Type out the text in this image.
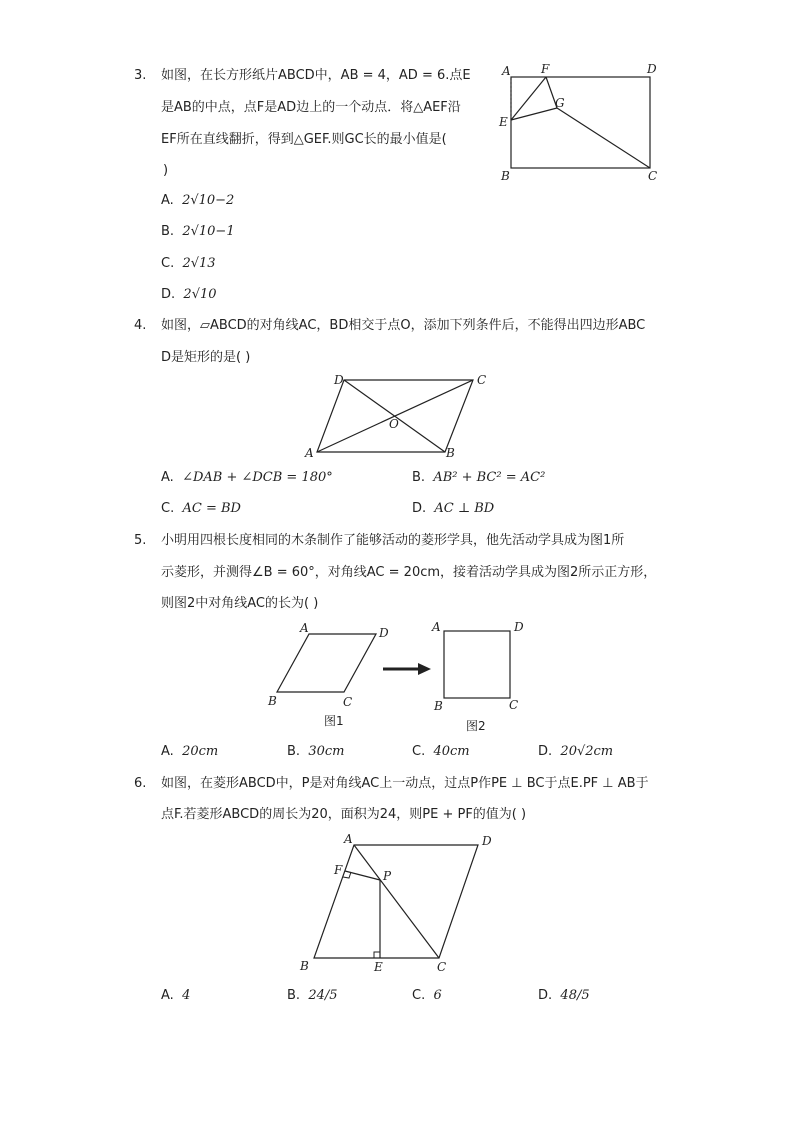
3. 如图，在长方形纸片ABCD中，AB = 4，AD = 6.点E
是AB的中点，点F是AD边上的一个动点．将△AEF沿
EF所在直线翻折，得到△GEF.则GC长的最小值是(
)
A. 2√10−2
B. 2√10−1
C. 2√13
D. 2√10
A	F	D
G
E
B	C
4. 如图，▱ABCD的对角线AC，BD相交于点O，添加下列条件后，不能得出四边形ABC
D是矩形的是( )
D	C
O
A	B
A. ∠DAB + ∠DCB = 180°	B. AB² + BC² = AC²
C. AC = BD	D. AC ⊥ BD
5. 小明用四根长度相同的木条制作了能够活动的菱形学具，他先活动学具成为图1所
示菱形，并测得∠B = 60°，对角线AC = 20cm，接着活动学具成为图2所示正方形，
则图2中对角线AC的长为( )
A	D
B	C
A	D
B	C
图1	图2
A. 20cm	B. 30cm	C. 40cm	D. 20√2cm
6. 如图，在菱形ABCD中，P是对角线AC上一动点，过点P作PE ⊥ BC于点E.PF ⊥ AB于
点F.若菱形ABCD的周长为20，面积为24，则PE + PF的值为( )
A	D
F	P
B	E	C
A. 4	B. 24/5	C. 6	D. 48/5
